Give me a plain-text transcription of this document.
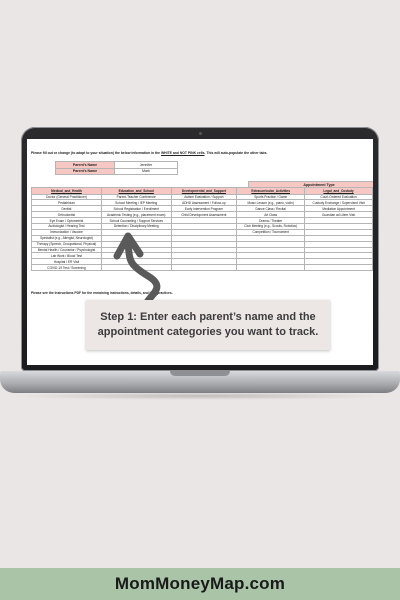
Please fill out or change (to adapt to your situation) the below information in the WHITE and NOT PINK cells. This will auto-populate the other tabs.
Parent's Name	Jennifer
Parent's Name	Mark
Appointment Type
Medical_and_Health	Education_and_School	Developmental_and_Support	Extracurricular_Activities	Legal_and_Custody
Doctor (General Practitioner)	Parent-Teacher Conference	Autism Evaluation / Support	Sports Practice / Game	Court-Ordered Evaluation
Pediatrician	School Meeting / IEP Meeting	ADHD Assessment / Follow-up	Music Lesson (e.g., piano, violin)	Custody Exchange / Supervised Visit
Dentist	School Registration / Enrollment	Early Intervention Program	Dance Class / Recital	Mediation Appointment
Orthodontist	Academic Testing (e.g., placement exam)	Child Development Assessment	Art Class	Guardian ad Litem Visit
Eye Exam / Optometrist	School Counseling / Support Services		Drama / Theater	
Audiologist / Hearing Test	Detention / Disciplinary Meeting		Club Meeting (e.g., Scouts, Robotics)	
Immunization / Vaccine			Competition / Tournament	
Specialist (e.g., Allergist, Neurologist)				
Therapy (Speech, Occupational, Physical)				
Mental Health / Counselor / Psychologist				
Lab Work / Blood Test				
Hospital / ER Visit				
COVID-19 Test / Screening				
Please see the Instructions PDF for the remaining instructions, details, and best practices.
Step 1: Enter each parent’s name and the appointment categories you want to track.
MomMoneyMap.com
